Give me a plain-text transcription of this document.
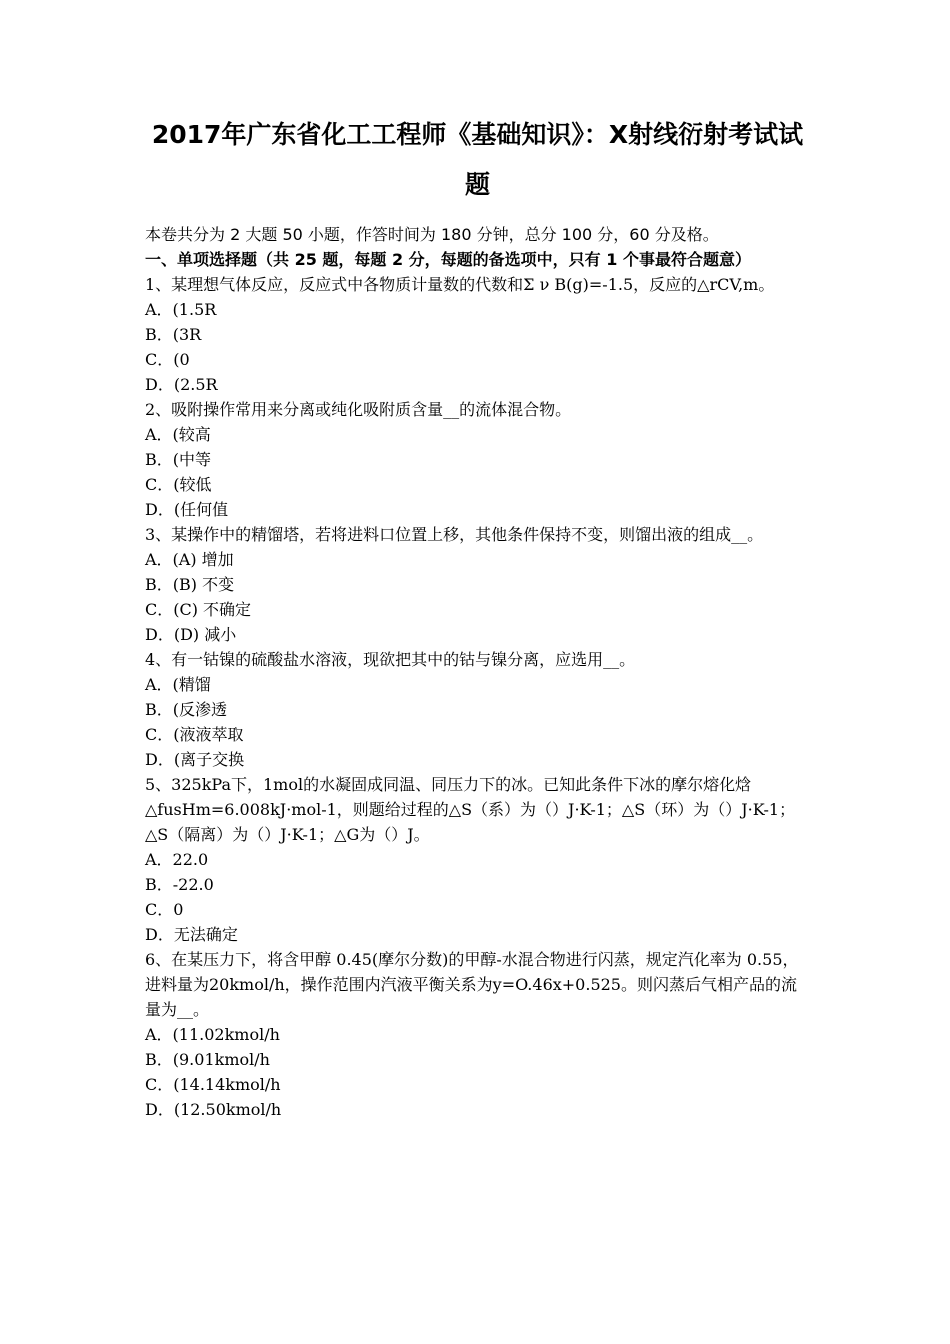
2017年广东省化工工程师《基础知识》：X射线衍射考试试
题

本卷共分为 2 大题 50 小题，作答时间为 180 分钟，总分 100 分，60 分及格。

一、单项选择题（共 25 题，每题 2 分，每题的备选项中，只有 1 个事最符合题意）

1、某理想气体反应，反应式中各物质计量数的代数和Σ ν B(g)=-1.5，反应的△rCV,m。

A．(1.5R
B．(3R
C．(0
D．(2.5R

2、吸附操作常用来分离或纯化吸附质含量__的流体混合物。

A．(较高
B．(中等
C．(较低
D．(任何值

3、某操作中的精馏塔，若将进料口位置上移，其他条件保持不变，则馏出液的组成__。

A．(A) 增加
B．(B) 不变
C．(C) 不确定
D．(D) 减小

4、有一钴镍的硫酸盐水溶液，现欲把其中的钴与镍分离，应选用__。

A．(精馏
B．(反渗透
C．(液液萃取
D．(离子交换

5、325kPa下，1mol的水凝固成同温、同压力下的冰。已知此条件下冰的摩尔熔化焓△fusHm=6.008kJ·mol-1，则题给过程的△S（系）为（）J·K-1；△S（环）为（）J·K-1；△S（隔离）为（）J·K-1；△G为（）J。

A．22.0
B．-22.0
C．0
D．无法确定

6、在某压力下，将含甲醇 0.45(摩尔分数)的甲醇-水混合物进行闪蒸，规定汽化率为 0.55，进料量为20kmol/h，操作范围内汽液平衡关系为y=O.46x+0.525。则闪蒸后气相产品的流量为__。

A．(11.02kmol/h
B．(9.01kmol/h
C．(14.14kmol/h
D．(12.50kmol/h
